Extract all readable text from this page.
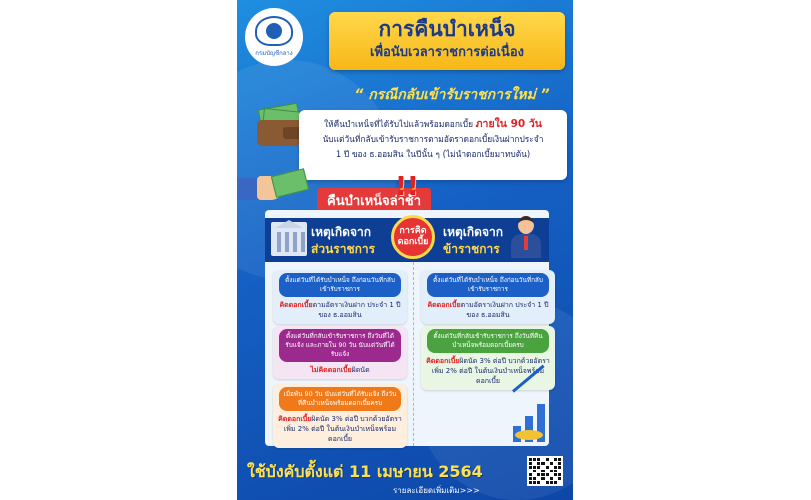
กรมบัญชีกลาง
การคืนบำเหน็จ
เพื่อนับเวลาราชการต่อเนื่อง
“ กรณีกลับเข้ารับราชการใหม่ ”
ให้คืนบำเหน็จที่ได้รับไปแล้วพร้อมดอกเบี้ย ภายใน 90 วัน
นับแต่วันที่กลับเข้ารับราชการตามอัตราดอกเบี้ยเงินฝากประจำ
1 ปี ของ ธ.ออมสิน ในปีนั้น ๆ (ไม่นำดอกเบี้ยมาทบต้น)
คืนบำเหน็จล่าช้า
!!
เหตุเกิดจาก
ส่วนราชการ
การคิด
ดอกเบี้ย
เหตุเกิดจาก
ข้าราชการ
ตั้งแต่วันที่ได้รับบำเหน็จ ถึงก่อนวันที่กลับเข้ารับราชการ
คิดดอกเบี้ยตามอัตราเงินฝาก ประจำ 1 ปี ของ ธ.ออมสิน
ตั้งแต่วันที่กลับเข้ารับราชการ ถึงวันที่ได้รับแจ้ง และภายใน 90 วัน นับแต่วันที่ได้รับแจ้ง
ไม่คิดดอกเบี้ยผิดนัด
เมื่อพ้น 90 วัน นับแต่วันที่ได้รับแจ้ง ถึงวันที่คืนบำเหน็จพร้อมดอกเบี้ยครบ
คิดดอกเบี้ยผิดนัด 3% ต่อปี บวกด้วยอัตราเพิ่ม 2% ต่อปี ในต้นเงินบำเหน็จพร้อมดอกเบี้ย
ตั้งแต่วันที่ได้รับบำเหน็จ ถึงก่อนวันที่กลับเข้ารับราชการ
คิดดอกเบี้ยตามอัตราเงินฝาก ประจำ 1 ปี ของ ธ.ออมสิน
ตั้งแต่วันที่กลับเข้ารับราชการ ถึงวันที่คืนบำเหน็จพร้อมดอกเบี้ยครบ
คิดดอกเบี้ยผิดนัด 3% ต่อปี บวกด้วยอัตราเพิ่ม 2% ต่อปี ในต้นเงินบำเหน็จพร้อมดอกเบี้ย
ใช้บังคับตั้งแต่ 11 เมษายน 2564
รายละเอียดเพิ่มเติม>>>
